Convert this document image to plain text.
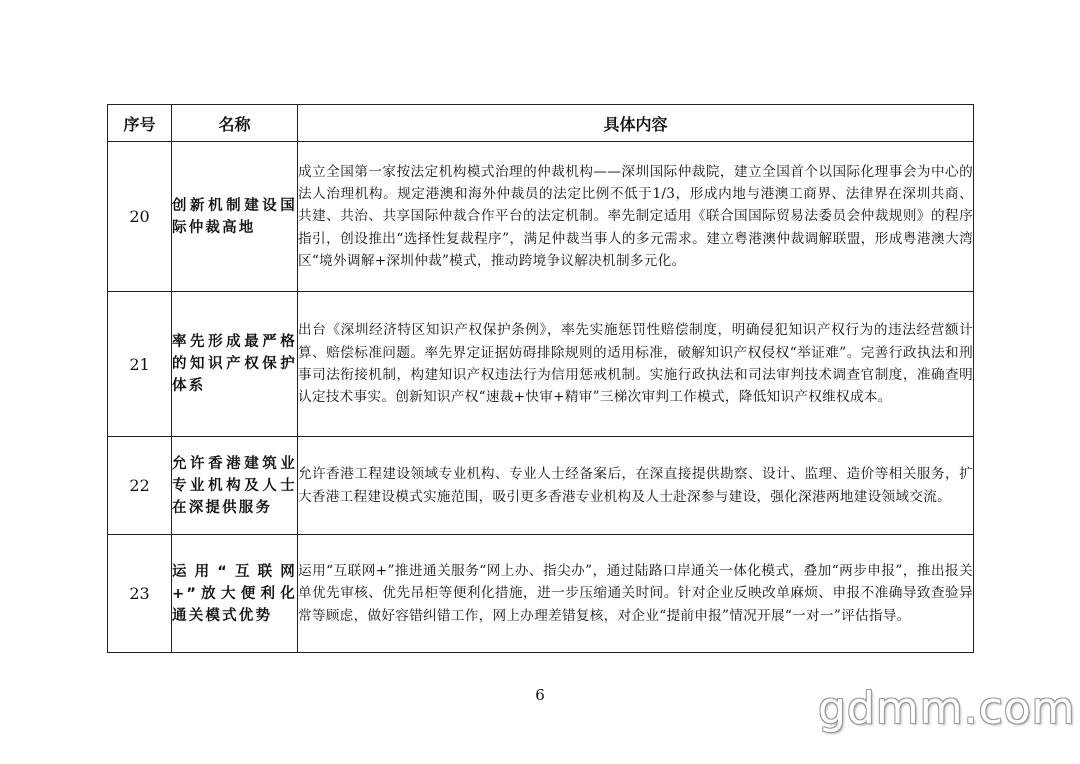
序号	名称	具体内容
20	创新机制建设国际仲裁高地	成立全国第一家按法定机构模式治理的仲裁机构——深圳国际仲裁院，建立全国首个以国际化理事会为中心的法人治理机构。规定港澳和海外仲裁员的法定比例不低于1/3，形成内地与港澳工商界、法律界在深圳共商、共建、共治、共享国际仲裁合作平台的法定机制。率先制定适用《联合国国际贸易法委员会仲裁规则》的程序指引，创设推出“选择性复裁程序”，满足仲裁当事人的多元需求。建立粤港澳仲裁调解联盟，形成粤港澳大湾区“境外调解+深圳仲裁”模式，推动跨境争议解决机制多元化。
21	率先形成最严格的知识产权保护体系	出台《深圳经济特区知识产权保护条例》，率先实施惩罚性赔偿制度，明确侵犯知识产权行为的违法经营额计算、赔偿标准问题。率先界定证据妨碍排除规则的适用标准，破解知识产权侵权“举证难”。完善行政执法和刑事司法衔接机制，构建知识产权违法行为信用惩戒机制。实施行政执法和司法审判技术调查官制度，准确查明认定技术事实。创新知识产权“速裁+快审+精审”三梯次审判工作模式，降低知识产权维权成本。
22	允许香港建筑业专业机构及人士在深提供服务	允许香港工程建设领域专业机构、专业人士经备案后，在深直接提供勘察、设计、监理、造价等相关服务，扩大香港工程建设模式实施范围，吸引更多香港专业机构及人士赴深参与建设，强化深港两地建设领域交流。
23	运用“互联网+”放大便利化通关模式优势	运用“互联网+”推进通关服务“网上办、指尖办”，通过陆路口岸通关一体化模式，叠加“两步申报”，推出报关单优先审核、优先吊柜等便利化措施，进一步压缩通关时间。针对企业反映改单麻烦、申报不准确导致查验异常等顾虑，做好容错纠错工作，网上办理差错复核，对企业“提前申报”情况开展“一对一”评估指导。
6	gdmm.com
